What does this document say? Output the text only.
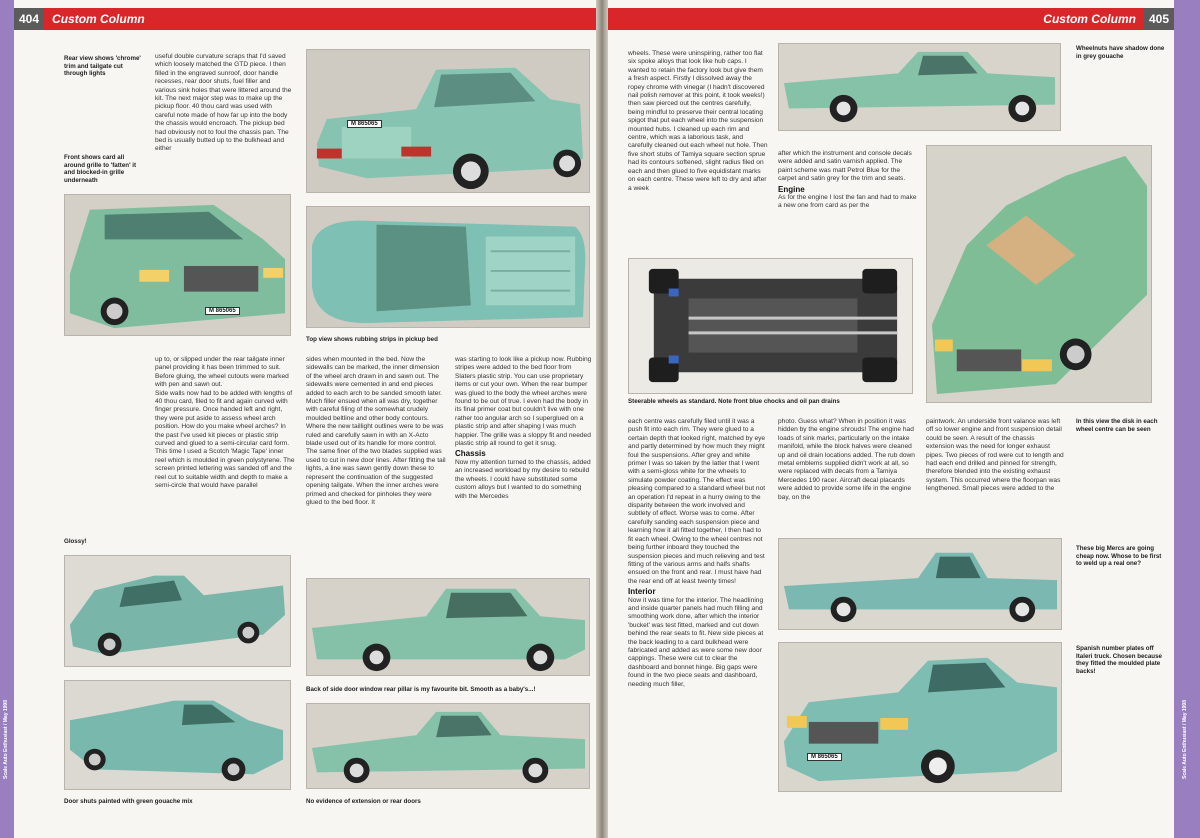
Scale Auto Enthusiast / May 1998	Scale Auto Enthusiast / May 1998
404	Custom Column	Custom Column	405
Rear view shows 'chrome' trim and tailgate cut through lights
Front shows card all around grille to 'fatten' it and blocked-in grille underneath
useful double curvature scraps that I'd saved which loosely matched the GTD piece. I then filled in the engraved sunroof, door handle recesses, rear door shuts, fuel filler and various sink holes that were littered around the kit. The next major step was to make up the pickup floor. 40 thou card was used with careful note made of how far up into the body the chassis would encroach. The pickup bed had obviously not to foul the chassis pan. The bed is usually butted up to the bulkhead and either
M 865065
M 865065
Top view shows rubbing strips in pickup bed
up to, or slipped under the rear tailgate inner panel providing it has been trimmed to suit. Before gluing, the wheel cutouts were marked with pen and sawn out.
Side walls now had to be added with lengths of 40 thou card, filed to fit and again curved with finger pressure. Once handed left and right, they were put aside to assess wheel arch position. How do you make wheel arches? In the past I've used kit pieces or plastic strip curved and glued to a semi-circular card form. This time I used a Scotch 'Magic Tape' inner reel which is moulded in green polystyrene. The screen printed lettering was sanded off and the reel cut to suitable width and depth to make a semi-circle that would have parallel
sides when mounted in the bed. Now the sidewalls can be marked, the inner dimension of the wheel arch drawn in and sawn out. The sidewalls were cemented in and end pieces added to each arch to be sanded smooth later. Much filler ensued when all was dry, together with careful filing of the somewhat crudely moulded beltline and other body contours. Where the new taillight outlines were to be was ruled and carefully sawn in with an X-Acto blade used out of its handle for more control. The same finer of the two blades supplied was used to cut in new door lines. After fitting the tail lights, a line was sawn gently down these to represent the continuation of the suggested opening tailgate. When the inner arches were primed and checked for pinholes they were glued to the bed floor. It
was starting to look like a pickup now. Rubbing stripes were added to the bed floor from Slaters plastic strip. You can use proprietary items or cut your own. When the rear bumper was glued to the body the wheel arches were found to be out of true. I even had the body in its final primer coat but couldn't live with one rather too angular arch so I superglued on a plastic strip and after shaping I was much happier. The grille was a sloppy fit and needed plastic strip all round to get it snug.
Chassis
Now my attention turned to the chassis, added an increased workload by my desire to rebuild the wheels. I could have substituted some custom alloys but I wanted to do something with the Mercedes
Glossy!
Back of side door window rear pillar is my favourite bit. Smooth as a baby's...!
Door shuts painted with green gouache mix	No evidence of extension or rear doors
wheels. These were uninspiring, rather too flat six spoke alloys that look like hub caps. I wanted to retain the factory look but give them a fresh aspect. Firstly I dissolved away the ropey chrome with vinegar (I hadn't discovered nail polish remover at this point, it took weeks!) then saw pierced out the centres carefully, being mindful to preserve their central locating spigot that put each wheel into the suspension mounted hubs. I cleaned up each rim and centre, which was a laborious task, and carefully cleaned out each wheel nut hole. Then five short stubs of Tamiya square section sprue had its contours softened, slight radius filed on each and then glued to five equidistant marks on each centre. These were left to dry and after a week
Wheelnuts have shadow done in grey gouache
after which the instrument and console decals were added and satin varnish applied. The paint scheme was matt Petrol Blue for the carpet and satin grey for the trim and seats.
Engine
As for the engine I lost the fan and had to make a new one from card as per the
Steerable wheels as standard. Note front blue chocks and oil pan drains
In this view the disk in each wheel centre can be seen
each centre was carefully filed until it was a push fit into each rim. They were glued to a certain depth that looked right, matched by eye and partly determined by how much they might foul the suspensions. After grey and white primer I was so taken by the latter that I went with a semi-gloss white for the wheels to simulate powder coating. The effect was pleasing compared to a standard wheel but not an operation I'd repeat in a hurry owing to the disparity between the work involved and subtlety of effect. Worse was to come. After carefully sanding each suspension piece and learning how it all fitted together, I then had to fit each wheel. Owing to the wheel centres not being further inboard they touched the suspension pieces and much relieving and test fitting of the various arms and halfs shafts ensued on the front and rear. I must have had the rear end off at least twenty times!
Interior
Now it was time for the interior. The headlining and inside quarter panels had much filling and smoothing work done, after which the interior 'bucket' was test fitted, marked and cut down behind the rear seats to fit. New side pieces at the back leading to a card bulkhead were fabricated and added as were some new door cappings. These were cut to clear the dashboard and bonnet hinge. Big gaps were found in the two piece seats and dashboard, needing much filler,
photo. Guess what? When in position it was hidden by the engine shrouds! The engine had loads of sink marks, particularly on the intake manifold, while the block halves were cleaned up and oil drain locations added. The rub down metal emblems supplied didn't work at all, so were replaced with decals from a Tamiya Mercedes 190 racer. Aircraft decal placards were added to provide some life in the engine bay, on the
paintwork. An underside front valance was left off so lower engine and front suspension detail could be seen. A result of the chassis extension was the need for longer exhaust pipes. Two pieces of rod were cut to length and had each end drilled and pinned for strength, therefore blended into the existing exhaust system. This occurred where the floorpan was lengthened. Small pieces were added to the
These big Mercs are going cheap now. Whose to be first to weld up a real one?
M 865065
Spanish number plates off Italeri truck. Chosen because they fitted the moulded plate backs!
